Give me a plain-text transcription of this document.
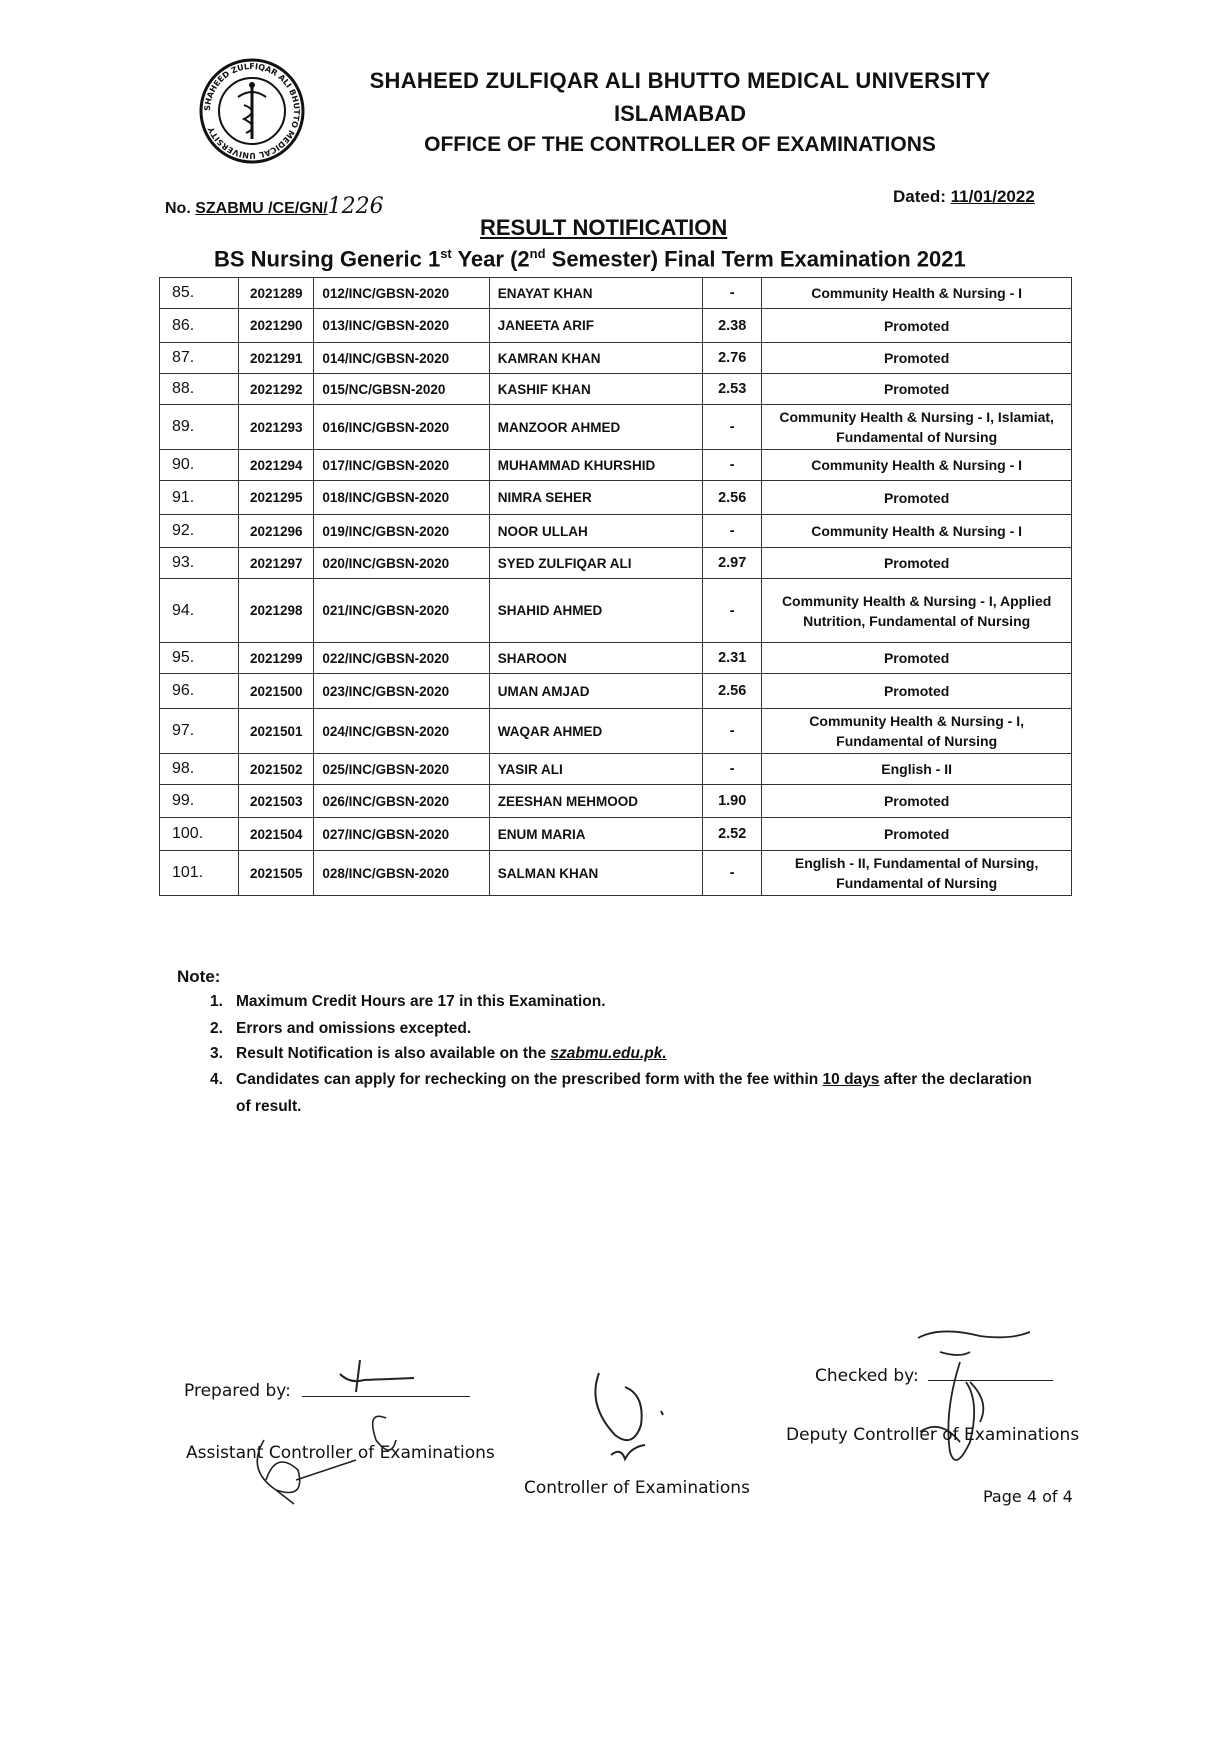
SHAHEED ZULFIQAR ALI BHUTTO MEDICAL UNIVERSITY
SHAHEED ZULFIQAR ALI BHUTTO MEDICAL UNIVERSITY
ISLAMABAD
OFFICE OF THE CONTROLLER OF EXAMINATIONS
No. SZABMU /CE/GN/1226	Dated: 11/01/2022
RESULT NOTIFICATION
BS Nursing Generic 1st Year (2nd Semester) Final Term Examination 2021
85.	2021289	012/INC/GBSN-2020	ENAYAT KHAN	-	Community Health & Nursing - I
86.	2021290	013/INC/GBSN-2020	JANEETA ARIF	2.38	Promoted
87.	2021291	014/INC/GBSN-2020	KAMRAN KHAN	2.76	Promoted
88.	2021292	015/NC/GBSN-2020	KASHIF KHAN	2.53	Promoted
89.	2021293	016/INC/GBSN-2020	MANZOOR AHMED	-	Community Health & Nursing - I, Islamiat, Fundamental of Nursing
90.	2021294	017/INC/GBSN-2020	MUHAMMAD KHURSHID	-	Community Health & Nursing - I
91.	2021295	018/INC/GBSN-2020	NIMRA SEHER	2.56	Promoted
92.	2021296	019/INC/GBSN-2020	NOOR ULLAH	-	Community Health & Nursing - I
93.	2021297	020/INC/GBSN-2020	SYED ZULFIQAR ALI	2.97	Promoted
94.	2021298	021/INC/GBSN-2020	SHAHID AHMED	-	Community Health & Nursing - I, Applied Nutrition, Fundamental of Nursing
95.	2021299	022/INC/GBSN-2020	SHAROON	2.31	Promoted
96.	2021500	023/INC/GBSN-2020	UMAN AMJAD	2.56	Promoted
97.	2021501	024/INC/GBSN-2020	WAQAR AHMED	-	Community Health & Nursing - I, Fundamental of Nursing
98.	2021502	025/INC/GBSN-2020	YASIR ALI	-	English - II
99.	2021503	026/INC/GBSN-2020	ZEESHAN MEHMOOD	1.90	Promoted
100.	2021504	027/INC/GBSN-2020	ENUM MARIA	2.52	Promoted
101.	2021505	028/INC/GBSN-2020	SALMAN KHAN	-	English - II, Fundamental of Nursing, Fundamental of Nursing
Note:
1. Maximum Credit Hours are 17 in this Examination.
2. Errors and omissions excepted.
3. Result Notification is also available on the szabmu.edu.pk.
4. Candidates can apply for rechecking on the prescribed form with the fee within 10 days after the declaration
of result.
Prepared by:
Assistant Controller of Examinations
Controller of Examinations
Checked by:
Deputy Controller of Examinations
Page 4 of 4
